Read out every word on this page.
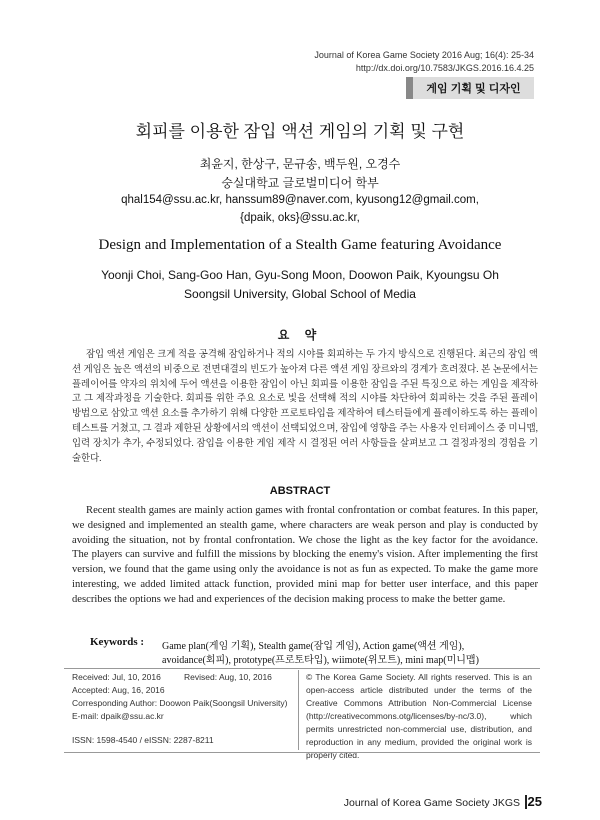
Journal of Korea Game Society 2016 Aug; 16(4): 25-34
http://dx.doi.org/10.7583/JKGS.2016.16.4.25
게임 기획 및 디자인
회피를 이용한 잠입 액션 게임의 기획 및 구현
최윤지, 한상구, 문규송, 백두원, 오경수
숭실대학교 글로벌미디어 학부
qhal154@ssu.ac.kr, hanssum89@naver.com, kyusong12@gmail.com,
{dpaik, oks}@ssu.ac.kr,
Design and Implementation of a Stealth Game featuring Avoidance
Yoonji Choi, Sang-Goo Han, Gyu-Song Moon, Doowon Paik, Kyoungsu Oh
Soongsil University, Global School of Media
요 약
잠입 액션 게임은 크게 적을 공격해 잠입하거나 적의 시야를 회피하는 두 가지 방식으로 진행된다. 최근의 잠입 액션 게임은 높은 액션의 비중으로 전면대결의 빈도가 높아져 다른 액션 게임 장르와의 경계가 흐려졌다. 본 논문에서는 플레이어를 약자의 위치에 두어 액션을 이용한 잠입이 아닌 회피를 이용한 잠입을 주된 특징으로 하는 게임을 제작하고 그 제작과정을 기술한다. 회피를 위한 주요 요소로 빛을 선택해 적의 시야를 차단하여 회피하는 것을 주된 플레이 방법으로 삼았고 액션 요소를 추가하기 위해 다양한 프로토타입을 제작하여 테스터들에게 플레이하도록 하는 플레이 테스트를 거쳤고, 그 결과 제한된 상황에서의 액션이 선택되었으며, 잠입에 영향을 주는 사용자 인터페이스 중 미니맵, 입력 장치가 추가, 수정되었다. 잠입을 이용한 게임 제작 시 결정된 여러 사항들을 살펴보고 그 결정과정의 경험을 기술한다.
ABSTRACT
Recent stealth games are mainly action games with frontal confrontation or combat features. In this paper, we designed and implemented an stealth game, where characters are weak person and play is conducted by avoiding the situation, not by frontal confrontation. We chose the light as the key factor for the avoidance. The players can survive and fulfill the missions by blocking the enemy's vision. After implementing the first version, we found that the game using only the avoidance is not as fun as expected. To make the game more interesting, we added limited attack function, provided mini map for better user interface, and this paper describes the options we had and experiences of the decision making process to make the better game.
Keywords : Game plan(게임 기획), Stealth game(잠입 게임), Action game(액션 게임),
avoidance(회피), prototype(프로토타입), wiimote(위모트), mini map(미니맵)
Received: Jul, 10, 2016	Revised: Aug, 10, 2016
Accepted: Aug, 16, 2016
Corresponding Author: Doowon Paik(Soongsil University)
E-mail: dpaik@ssu.ac.kr
ISSN: 1598-4540 / eISSN: 2287-8211
© The Korea Game Society. All rights reserved. This is an open-access article distributed under the terms of the Creative Commons Attribution Non-Commercial License (http://creativecommons.otg/licenses/by-nc/3.0), which permits unrestricted non-commercial use, distribution, and reproduction in any medium, provided the original work is properly cited.
Journal of Korea Game Society JKGS 25
